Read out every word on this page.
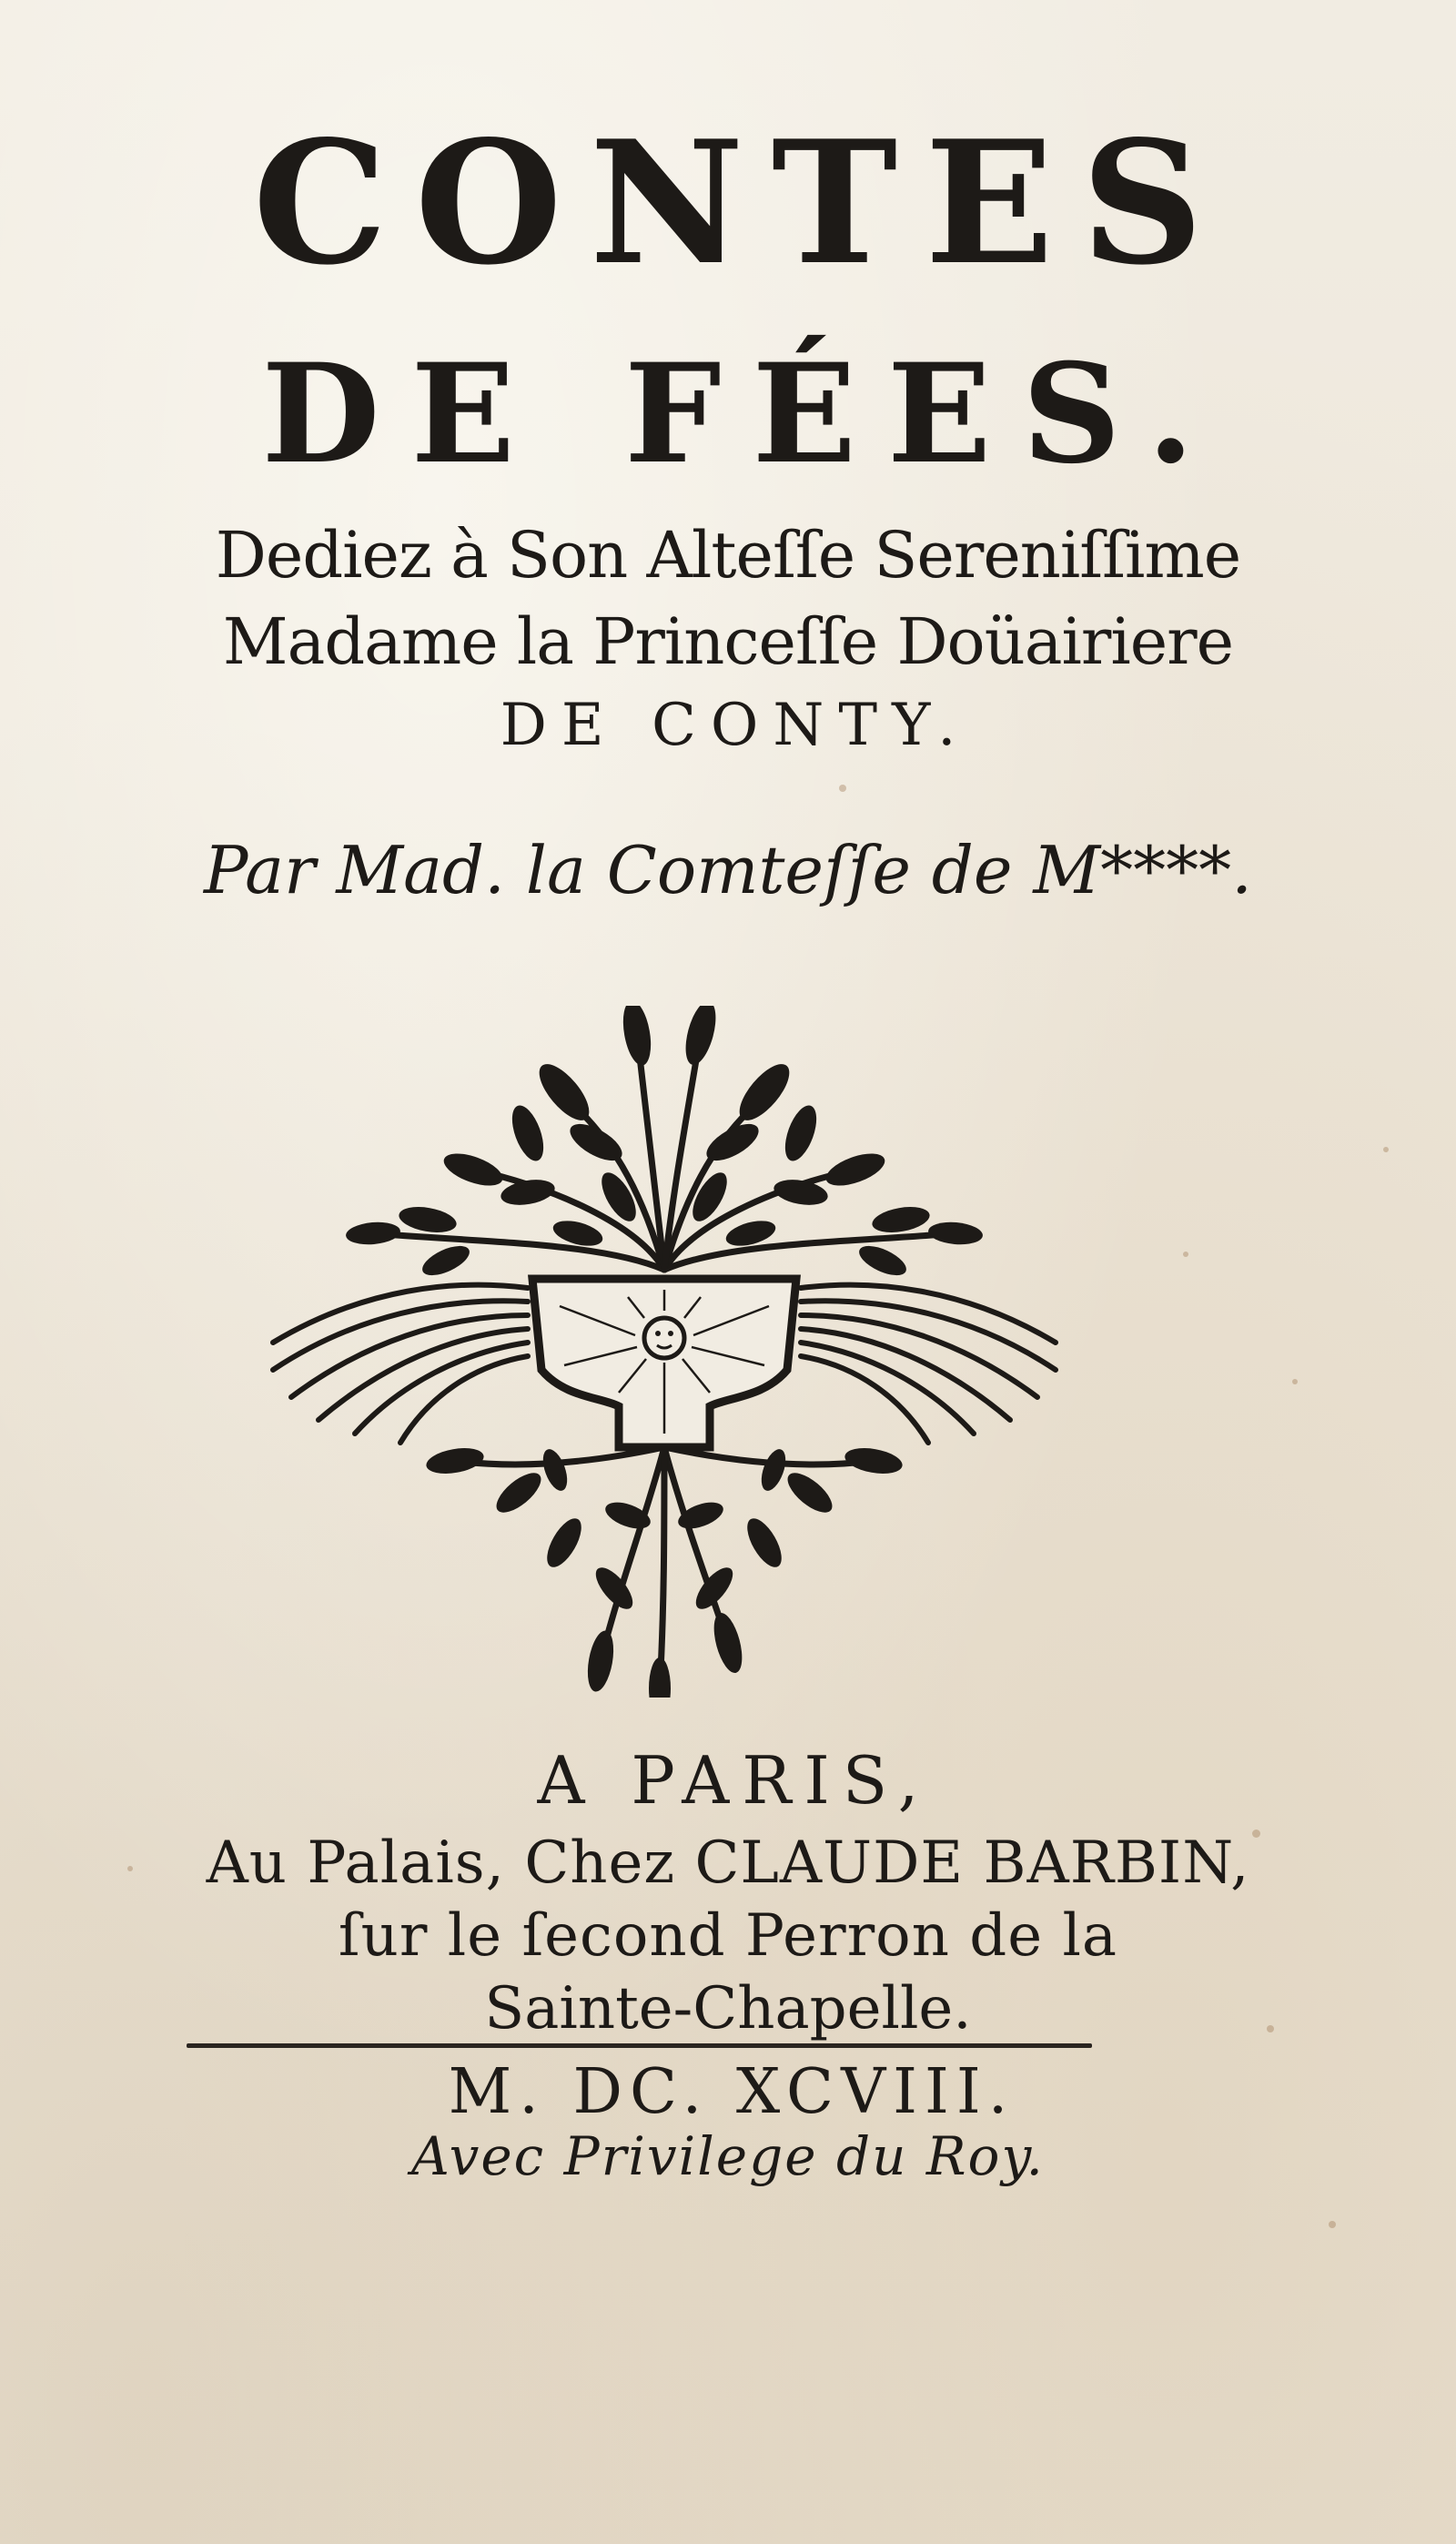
CONTES
DE FÉES.
Dediez à Son Alteſſe Sereniſſime
Madame la Princeſſe Doüairiere
DE CONTY.
Par Mad. la Comteſſe de M****.
A PARIS,
Au Palais, Chez CLAUDE BARBIN,
ſur le ſecond Perron de la
Sainte-Chapelle.
M. DC. XCVIII.
Avec Privilege du Roy.
